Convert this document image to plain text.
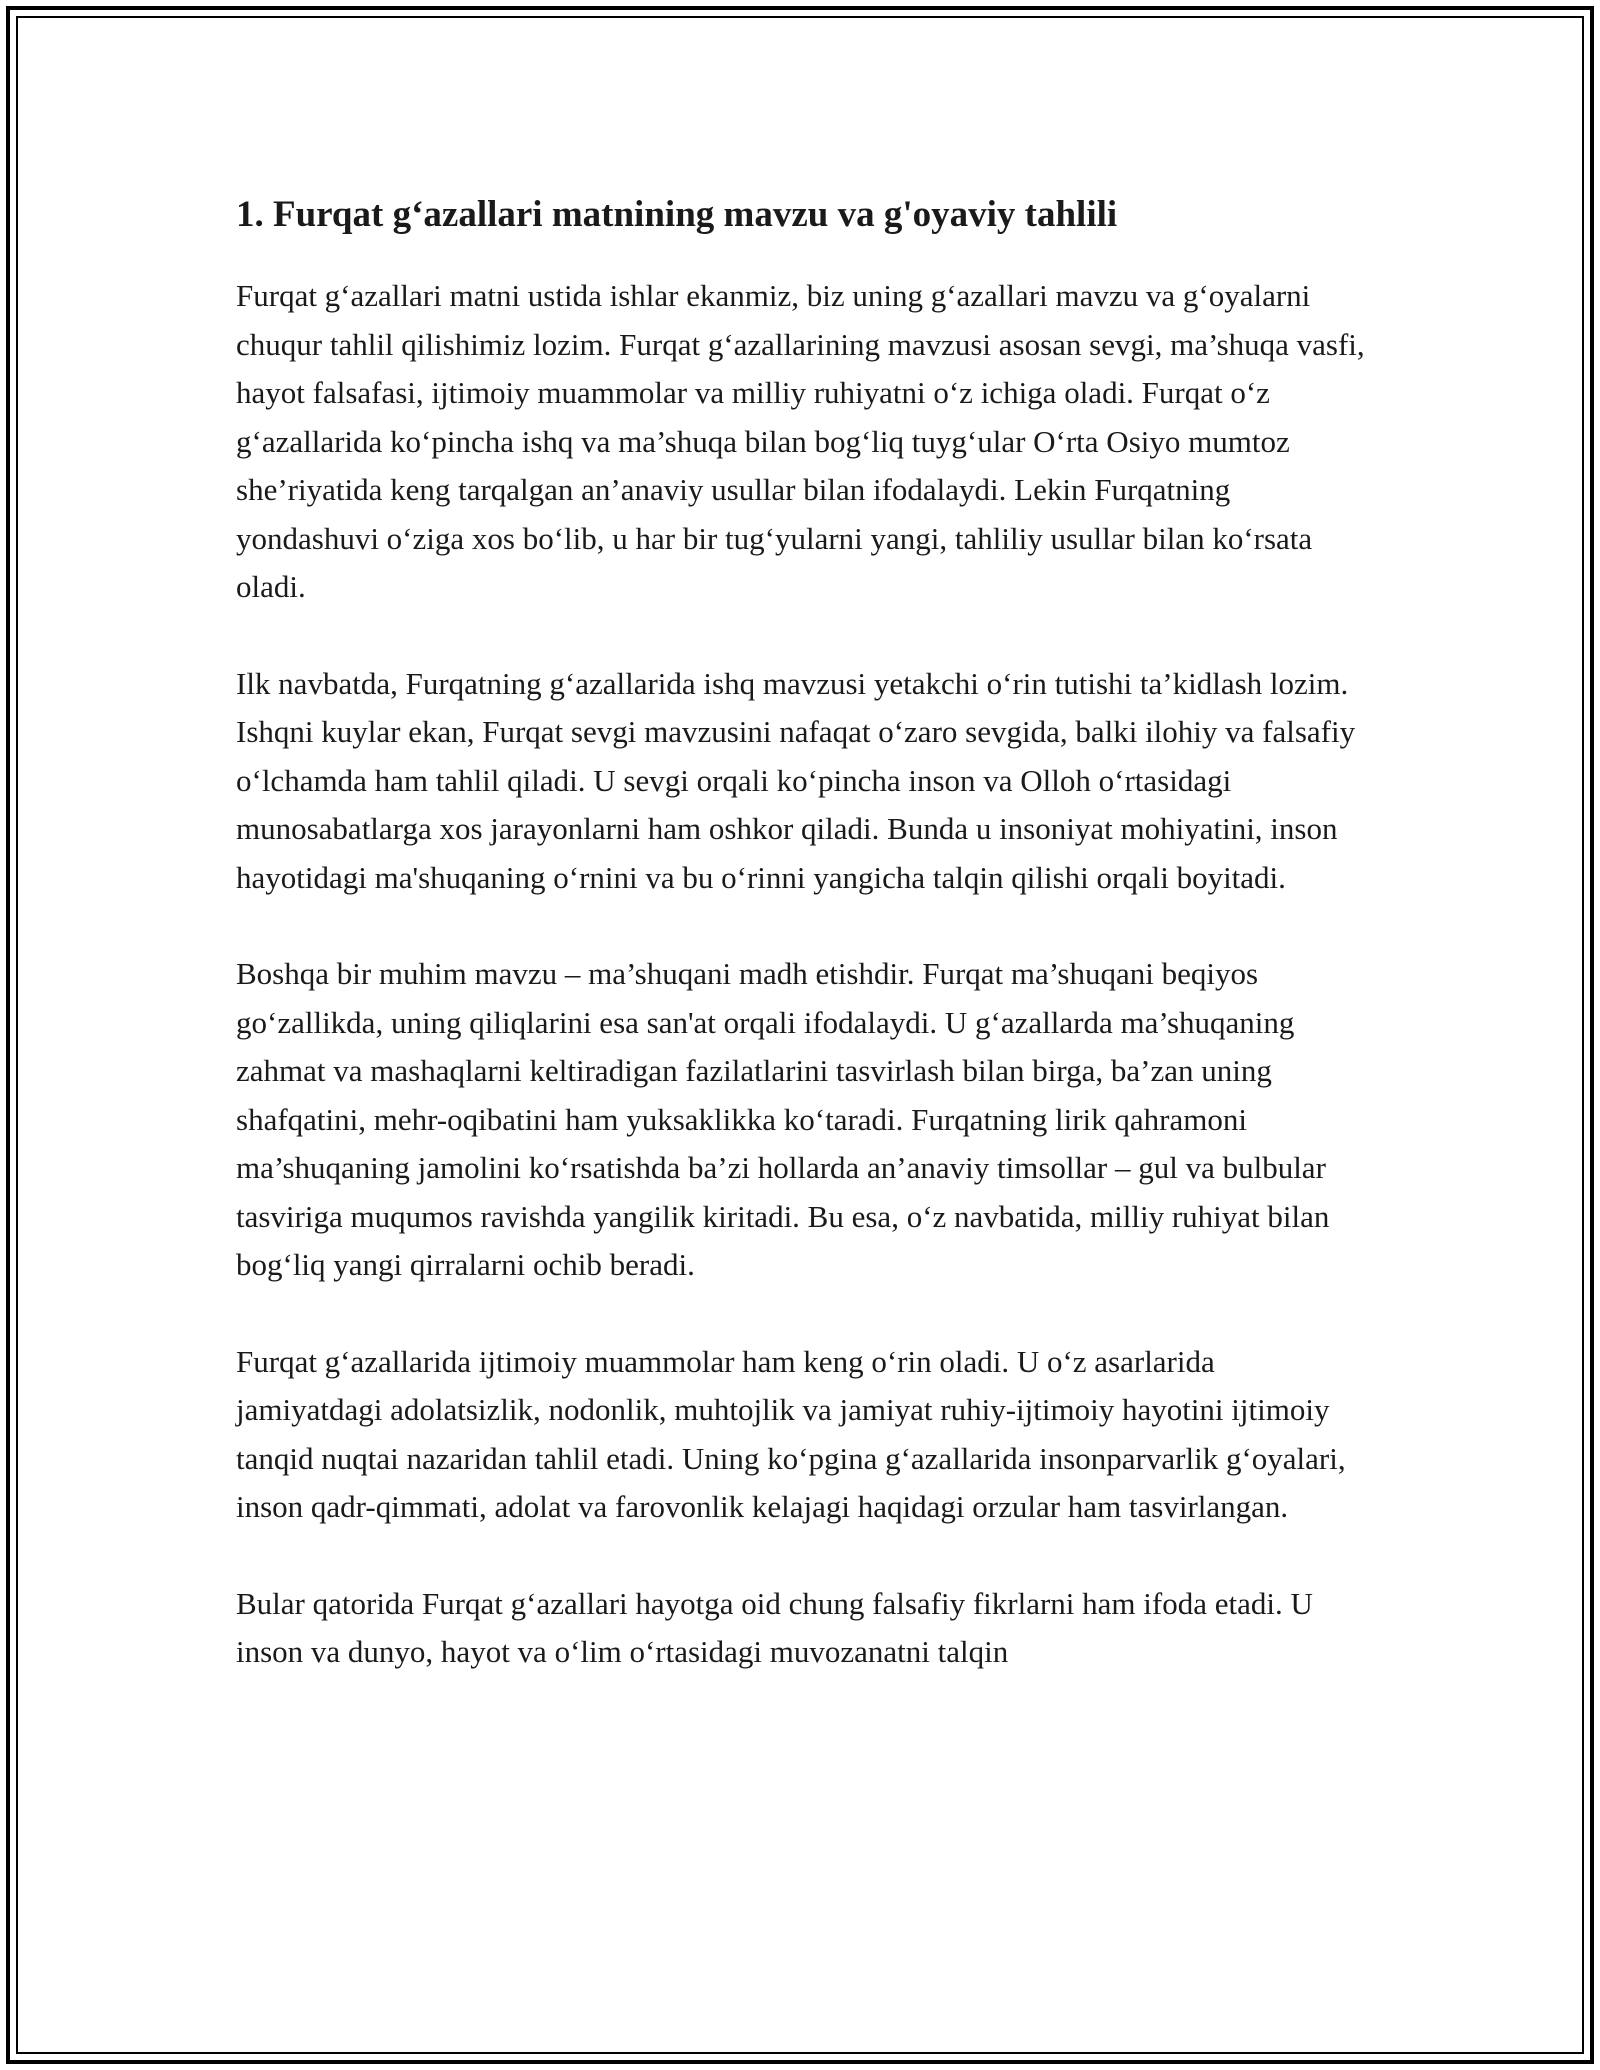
1. Furqat g‘azallari matnining mavzu va g'oyaviy tahlili

Furqat g‘azallari matni ustida ishlar ekanmiz, biz uning g‘azallari mavzu va g‘oyalarni chuqur tahlil qilishimiz lozim. Furqat g‘azallarining mavzusi asosan sevgi, ma’shuqa vasfi, hayot falsafasi, ijtimoiy muammolar va milliy ruhiyatni o‘z ichiga oladi. Furqat o‘z g‘azallarida ko‘pincha ishq va ma’shuqa bilan bog‘liq tuyg‘ular O‘rta Osiyo mumtoz she’riyatida keng tarqalgan an’anaviy usullar bilan ifodalaydi. Lekin Furqatning yondashuvi o‘ziga xos bo‘lib, u har bir tug‘yularni yangi, tahliliy usullar bilan ko‘rsata oladi.

Ilk navbatda, Furqatning g‘azallarida ishq mavzusi yetakchi o‘rin tutishi ta’kidlash lozim. Ishqni kuylar ekan, Furqat sevgi mavzusini nafaqat o‘zaro sevgida, balki ilohiy va falsafiy o‘lchamda ham tahlil qiladi. U sevgi orqali ko‘pincha inson va Olloh o‘rtasidagi munosabatlarga xos jarayonlarni ham oshkor qiladi. Bunda u insoniyat mohiyatini, inson hayotidagi ma'shuqaning o‘rnini va bu o‘rinni yangicha talqin qilishi orqali boyitadi.

Boshqa bir muhim mavzu – ma’shuqani madh etishdir. Furqat ma’shuqani beqiyos go‘zallikda, uning qiliqlarini esa san'at orqali ifodalaydi. U g‘azallarda ma’shuqaning zahmat va mashaqlarni keltiradigan fazilatlarini tasvirlash bilan birga, ba’zan uning shafqatini, mehr-oqibatini ham yuksaklikka ko‘taradi. Furqatning lirik qahramoni ma’shuqaning jamolini ko‘rsatishda ba’zi hollarda an’anaviy timsollar – gul va bulbular tasviriga muqumos ravishda yangilik kiritadi. Bu esa, o‘z navbatida, milliy ruhiyat bilan bog‘liq yangi qirralarni ochib beradi.

Furqat g‘azallarida ijtimoiy muammolar ham keng o‘rin oladi. U o‘z asarlarida jamiyatdagi adolatsizlik, nodonlik, muhtojlik va jamiyat ruhiy-ijtimoiy hayotini ijtimoiy tanqid nuqtai nazaridan tahlil etadi. Uning ko‘pgina g‘azallarida insonparvarlik g‘oyalari, inson qadr-qimmati, adolat va farovonlik kelajagi haqidagi orzular ham tasvirlangan.

Bular qatorida Furqat g‘azallari hayotga oid chung falsafiy fikrlarni ham ifoda etadi. U inson va dunyo, hayot va o‘lim o‘rtasidagi muvozanatni talqin
